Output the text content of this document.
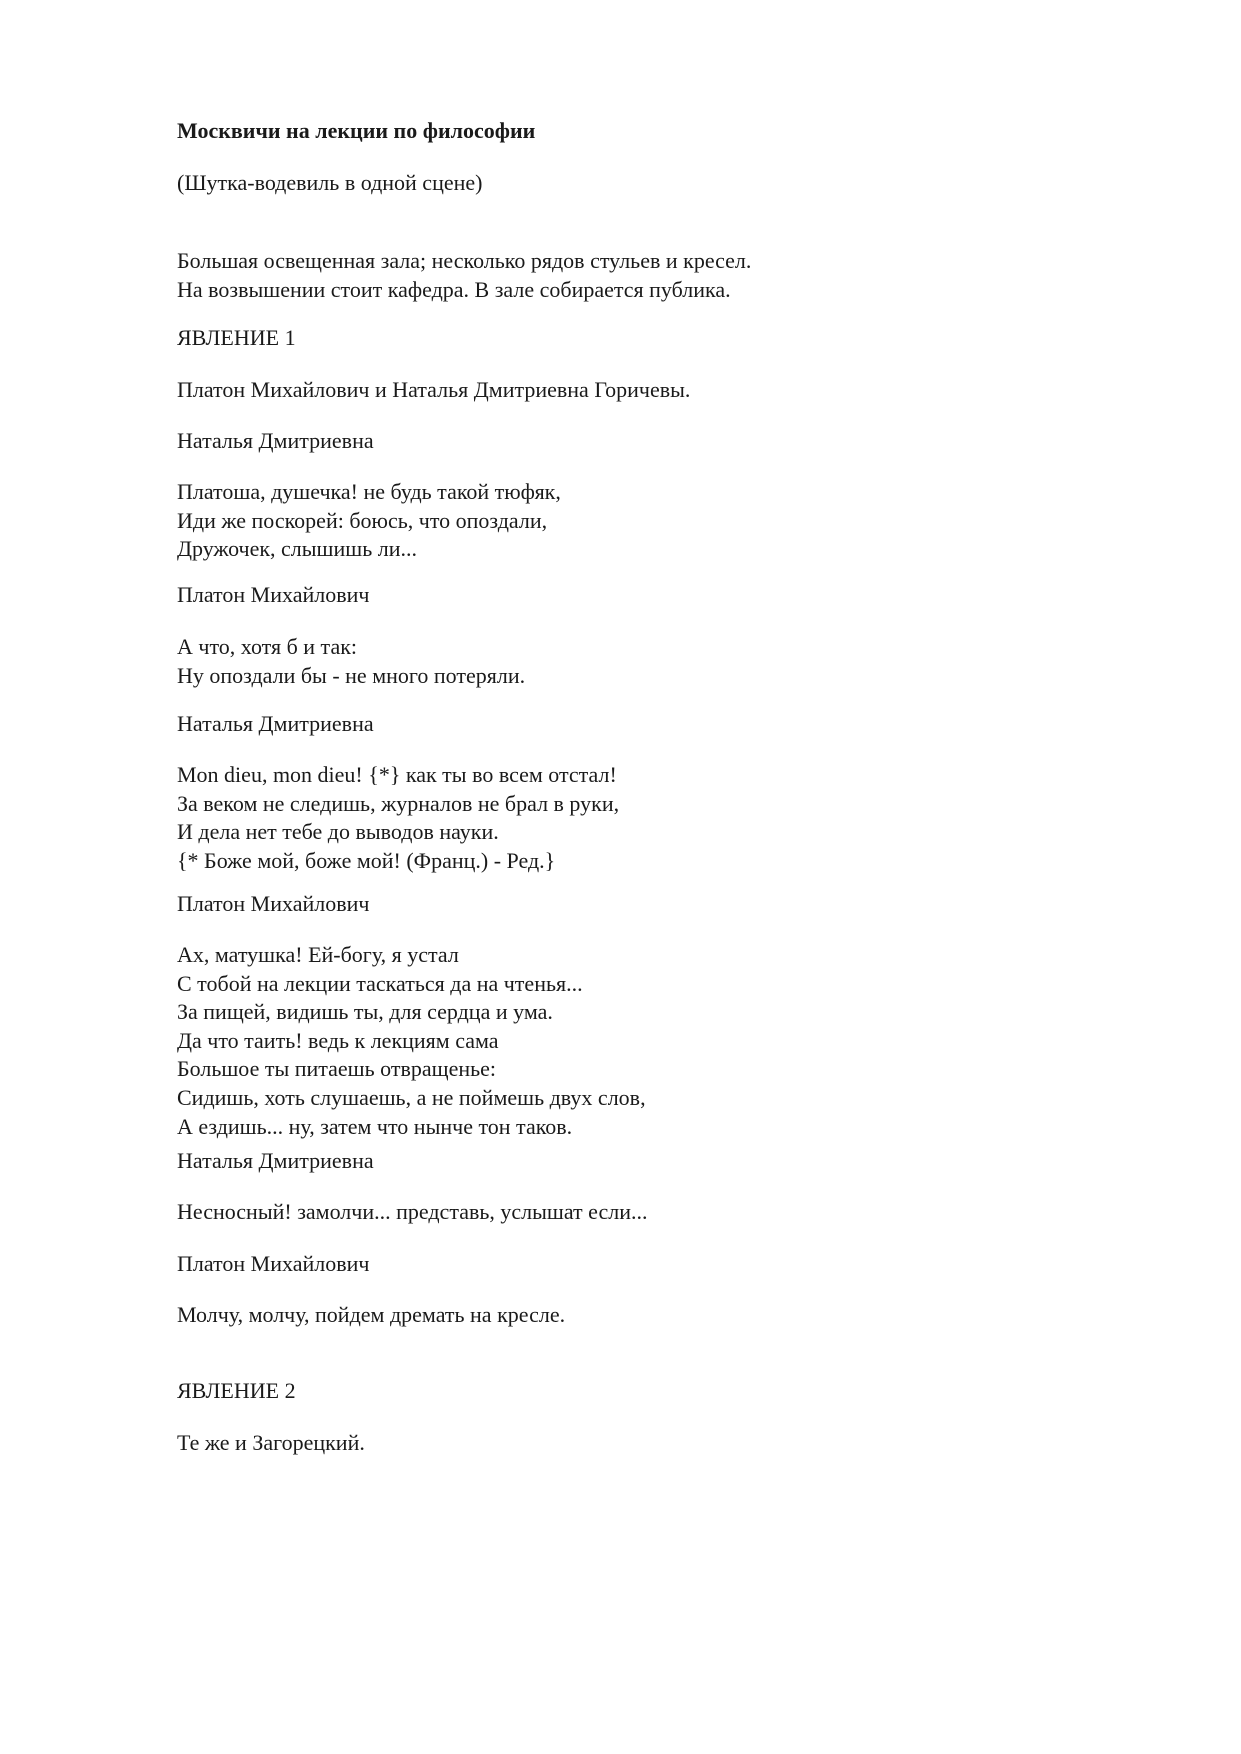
Москвичи на лекции по философии
(Шутка-водевиль в одной сцене)
Большая освещенная зала; несколько рядов стульев и кресел.
На возвышении стоит кафедра. В зале собирается публика.
ЯВЛЕНИЕ 1
Платон Михайлович и Наталья Дмитриевна Горичевы.
Наталья Дмитриевна
Платоша, душечка! не будь такой тюфяк,
Иди же поскорей: боюсь, что опоздали,
Дружочек, слышишь ли...
Платон Михайлович
А что, хотя б и так:
Ну опоздали бы - не много потеряли.
Наталья Дмитриевна
Mon dieu, mon dieu! {*} как ты во всем отстал!
За веком не следишь, журналов не брал в руки,
И дела нет тебе до выводов науки.
{* Боже мой, боже мой! (Франц.) - Ред.}
Платон Михайлович
Ах, матушка! Ей-богу, я устал
С тобой на лекции таскаться да на чтенья...
За пищей, видишь ты, для сердца и ума.
Да что таить! ведь к лекциям сама
Большое ты питаешь отвращенье:
Сидишь, хоть слушаешь, а не поймешь двух слов,
А ездишь... ну, затем что нынче тон таков.
Наталья Дмитриевна
Несносный! замолчи... представь, услышат если...
Платон Михайлович
Молчу, молчу, пойдем дремать на кресле.
ЯВЛЕНИЕ 2
Те же и Загорецкий.
